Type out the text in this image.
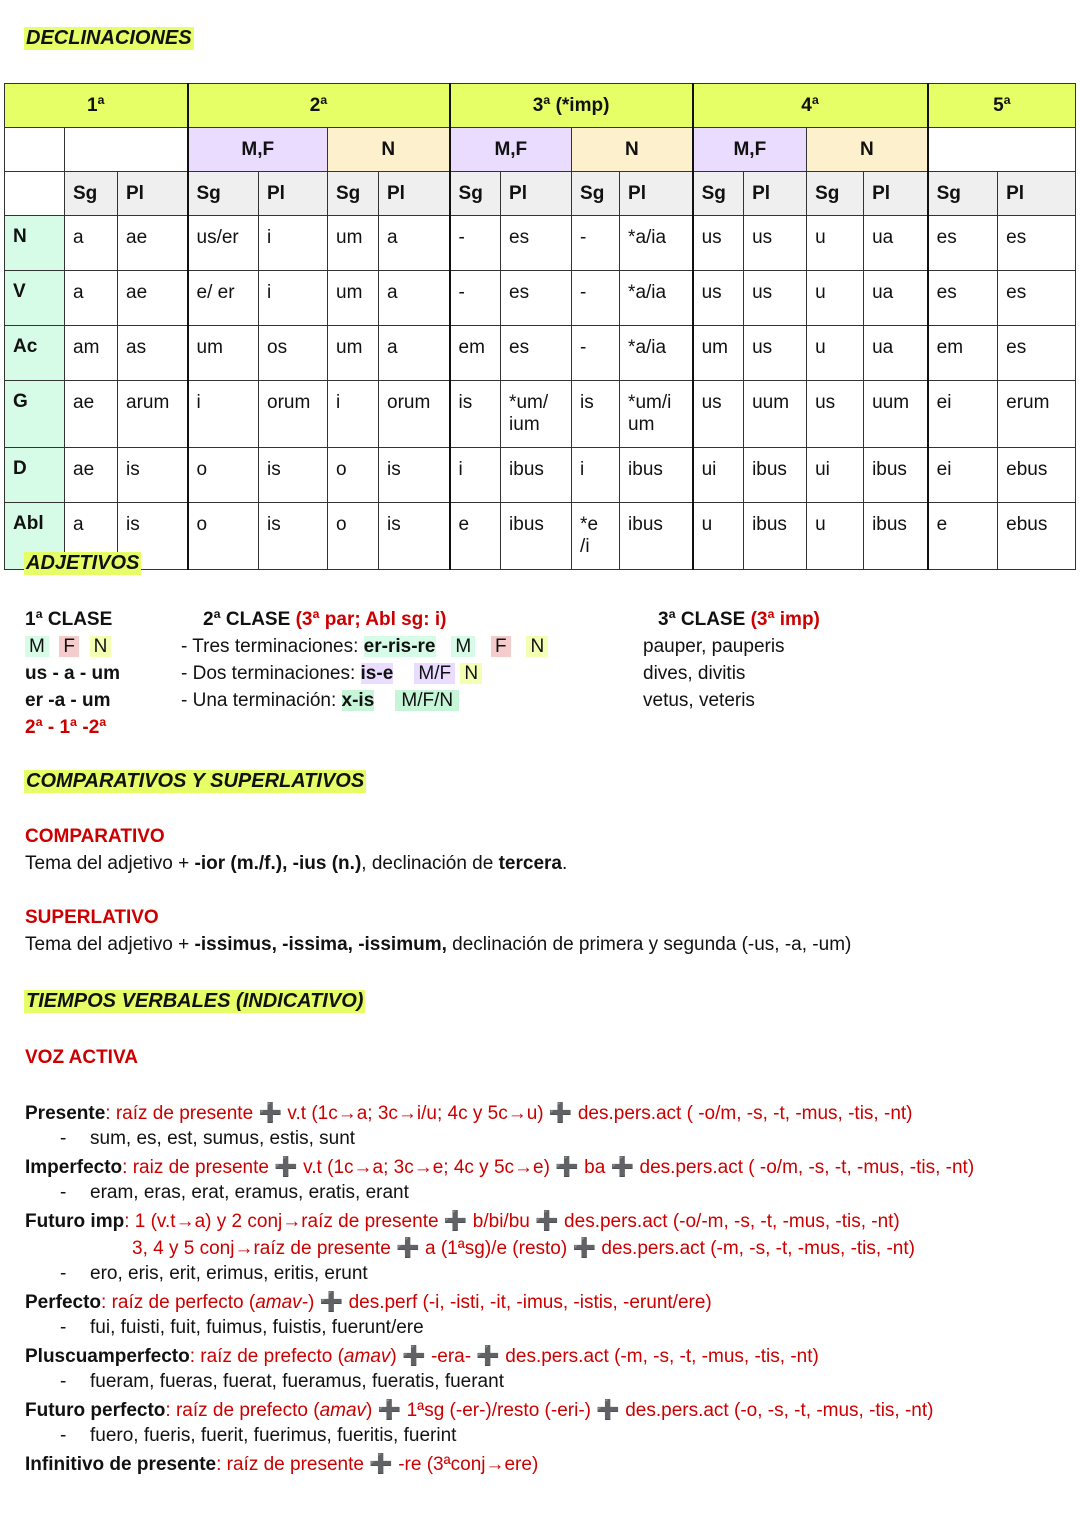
DECLINACIONES
1ª			2ª				3ª (*imp)				4ª				5ª	
			M,F		N		M,F		N		M,F		N			
	Sg	Pl	Sg	Pl	Sg	Pl	Sg	Pl	Sg	Pl	Sg	Pl	Sg	Pl	Sg	Pl
N	a	ae	us/er	i	um	a	-	es	-	*a/ia	us	us	u	ua	es	es
V	a	ae	e/ er	i	um	a	-	es	-	*a/ia	us	us	u	ua	es	es
Ac	am	as	um	os	um	a	em	es	-	*a/ia	um	us	u	ua	em	es
G	ae	arum	i	orum	i	orum	is	*um/ ium	is	*um/i um	us	uum	us	uum	ei	erum
D	ae	is	o	is	o	is	i	ibus	i	ibus	ui	ibus	ui	ibus	ei	ebus
Abl	a	is	o	is	o	is	e	ibus	*e /i	ibus	u	ibus	u	ibus	e	ebus
ADJETIVOS
1ª CLASE
M F N
us - a - um
er -a - um
2ª - 1ª -2ª
2ª CLASE (3ª par; Abl sg: i)
- Tres terminaciones: er-ris-re M F N
- Dos terminaciones: is-e M/F N
- Una terminación: x-is M/F/N
3ª CLASE (3ª imp)
pauper, pauperis
dives, divitis
vetus, veteris
COMPARATIVOS Y SUPERLATIVOS
COMPARATIVO
Tema del adjetivo + -ior (m./f.), -ius (n.), declinación de tercera.
SUPERLATIVO
Tema del adjetivo + -issimus, -issima, -issimum, declinación de primera y segunda (-us, -a, -um)
TIEMPOS VERBALES (INDICATIVO)
VOZ ACTIVA
Presente: raíz de presente ➕ v.t (1c→a; 3c→i/u; 4c y 5c→u) ➕ des.pers.act ( -o/m, -s, -t, -mus, -tis, -nt)
‐ sum, es, est, sumus, estis, sunt
Imperfecto: raiz de presente ➕ v.t (1c→a; 3c→e; 4c y 5c→e) ➕ ba ➕ des.pers.act ( -o/m, -s, -t, -mus, -tis, -nt)
‐ eram, eras, erat, eramus, eratis, erant
Futuro imp: 1 (v.t→a) y 2 conj→raíz de presente ➕ b/bi/bu ➕ des.pers.act (-o/-m, -s, -t, -mus, -tis, -nt)
3, 4 y 5 conj→raíz de presente ➕ a (1ªsg)/e (resto) ➕ des.pers.act (-m, -s, -t, -mus, -tis, -nt)
‐ ero, eris, erit, erimus, eritis, erunt
Perfecto: raíz de perfecto (amav-) ➕ des.perf (-i, -isti, -it, -imus, -istis, -erunt/ere)
‐ fui, fuisti, fuit, fuimus, fuistis, fuerunt/ere
Pluscuamperfecto: raíz de prefecto (amav) ➕ -era- ➕ des.pers.act (-m, -s, -t, -mus, -tis, -nt)
‐ fueram, fueras, fuerat, fueramus, fueratis, fuerant
Futuro perfecto: raíz de prefecto (amav) ➕ 1ªsg (-er-)/resto (-eri-) ➕ des.pers.act (-o, -s, -t, -mus, -tis, -nt)
‐ fuero, fueris, fuerit, fuerimus, fueritis, fuerint
Infinitivo de presente: raíz de presente ➕ -re (3ªconj→ere)
